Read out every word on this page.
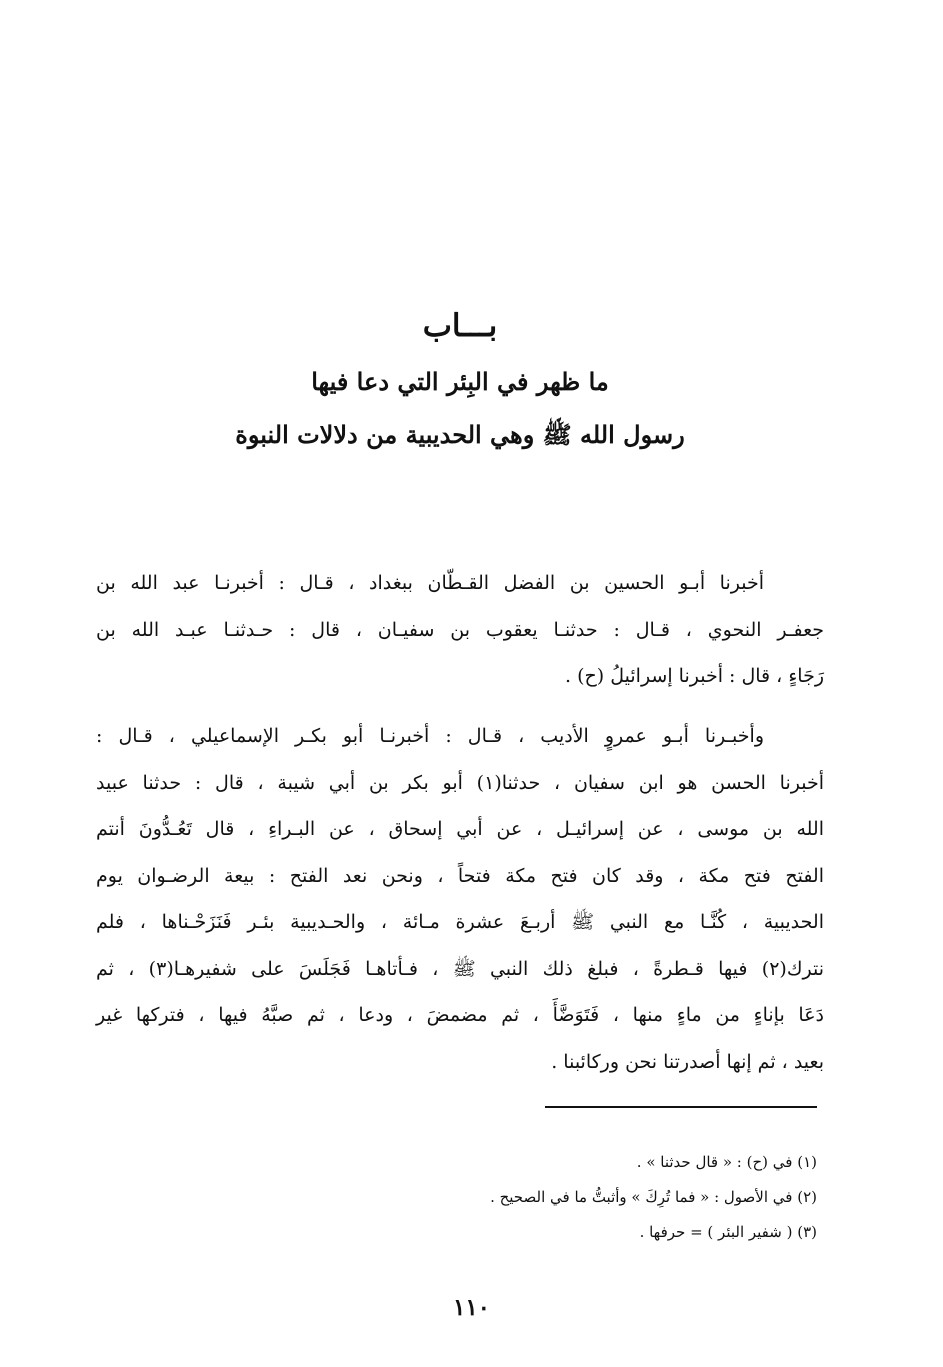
بـــاب
ما ظهر في البِئر التي دعا فيها
رسول الله ﷺ وهي الحديبية من دلالات النبوة

أخبرنا أبـو الحسين بن الفضل القـطّان ببغداد ، قـال : أخبرنـا عبد الله بن
جعفـر النحوي ، قـال : حدثنـا يعقوب بن سفيـان ، قال : حـدثنـا عبـد الله بن
رَجَاءٍ ، قال : أخبرنا إسرائيلُ (ح) .

وأخبـرنا أبـو عمروٍ الأديب ، قـال : أخبرنـا أبو بكـر الإسماعيلي ، قـال :
أخبرنا الحسن هو ابن سفيان ، حدثنا(١) أبو بكر بن أبي شيبة ، قال : حدثنا عبيد
الله بن موسى ، عن إسرائيـل ، عن أبي إسحاق ، عن البـراءِ ، قال تَعُـدُّونَ أنتم
الفتح فتح مكة ، وقد كان فتح مكة فتحاً ، ونحن نعد الفتح : بيعة الرضـوان يوم
الحديبية ، كُنَّـا مع النبي ﷺ أربـعَ عشرة مـائة ، والحـديبية بئـر فَنَزَحْـناها ، فلم
نترك(٢) فيها قـطرةً ، فبلغ ذلك النبي ﷺ ، فـأتاهـا فَجَلَسَ على شفيرهـا(٣) ، ثم
دَعَا بإناءٍ من ماءٍ منها ، فَتَوَضَّأَ ، ثم مضمضَ ، ودعا ، ثم صبَّهُ فيها ، فتركها غير
بعيد ، ثم إنها أصدرتنا نحن وركائبنا .

(١) في (ح) : « قال حدثنا » .
(٢) في الأصول : « فما تُرِكَ » وأثبتُّ ما في الصحيح .
(٣) ( شفير البئر ) = حرفها .
١١٠
